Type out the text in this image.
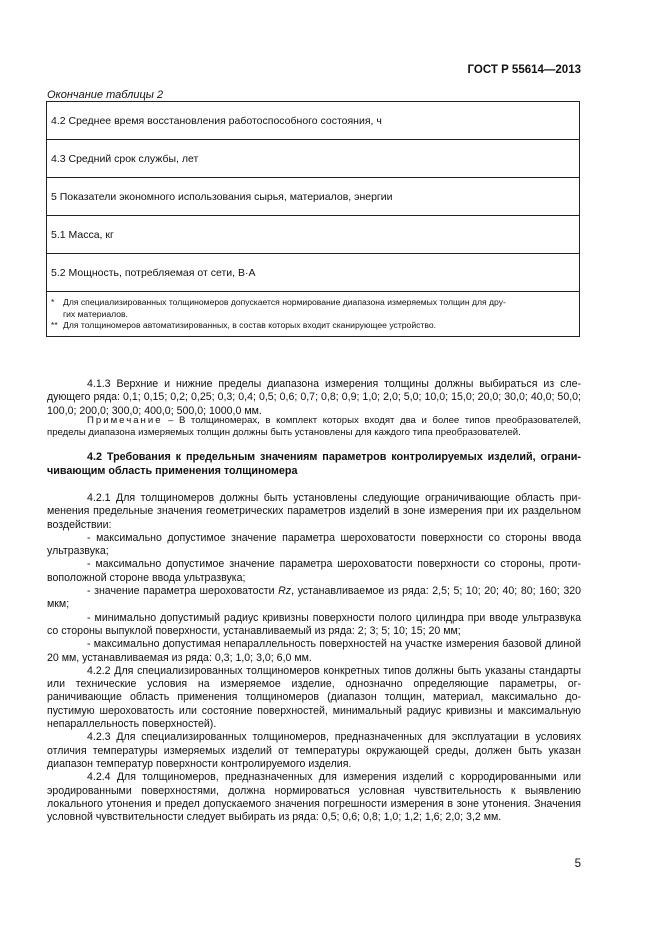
ГОСТ Р 55614—2013
Окончание таблицы 2
4.2 Среднее время восстановления работоспособного состояния, ч
4.3 Средний срок службы, лет
5 Показатели экономного использования сырья, материалов, энергии
5.1 Масса, кг
5.2 Мощность, потребляемая от сети, В·А

* Для специализированных толщиномеров допускается нормирование диапазона измеряемых толщин для дру-
гих материалов.
** Для толщиномеров автоматизированных, в состав которых входит сканирующее устройство.

4.1.3 Верхние и нижние пределы диапазона измерения толщины должны выбираться из следующего ряда: 0,1; 0,15; 0,2; 0,25; 0,3; 0,4; 0,5; 0,6; 0,7; 0,8; 0,9; 1,0; 2,0; 5,0; 10,0; 15,0; 20,0; 30,0; 40,0; 50,0; 100,0; 200,0; 300,0; 400,0; 500,0; 1000,0 мм.

Примечание – В толщиномерах, в комплект которых входят два и более типов преобразователей, пределы диапазона измеряемых толщин должны быть установлены для каждого типа преобразователей.

4.2 Требования к предельным значениям параметров контролируемых изделий, ограничивающим область применения толщиномера

4.2.1 Для толщиномеров должны быть установлены следующие ограничивающие область применения предельные значения геометрических параметров изделий в зоне измерения при их раздельном воздействии:

- максимально допустимое значение параметра шероховатости поверхности со стороны ввода ультразвука;

- максимально допустимое значение параметра шероховатости поверхности со стороны, противоположной стороне ввода ультразвука;

- значение параметра шероховатости Rz, устанавливаемое из ряда: 2,5; 5; 10; 20; 40; 80; 160; 320 мкм;

- минимально допустимый радиус кривизны поверхности полого цилиндра при вводе ультразвука со стороны выпуклой поверхности, устанавливаемый из ряда: 2; 3; 5; 10; 15; 20 мм;

- максимально допустимая непараллельность поверхностей на участке измерения базовой длиной 20 мм, устанавливаемая из ряда: 0,3; 1,0; 3,0; 6,0 мм.

4.2.2 Для специализированных толщиномеров конкретных типов должны быть указаны стандарты или технические условия на измеряемое изделие, однозначно определяющие параметры, ограничивающие область применения толщиномеров (диапазон толщин, материал, максимально допустимую шероховатость или состояние поверхностей, минимальный радиус кривизны и максимальную непараллельность поверхностей).

4.2.3 Для специализированных толщиномеров, предназначенных для эксплуатации в условиях отличия температуры измеряемых изделий от температуры окружающей среды, должен быть указан диапазон температур поверхности контролируемого изделия.

4.2.4 Для толщиномеров, предназначенных для измерения изделий с корродированными или эродированными поверхностями, должна нормироваться условная чувствительность к выявлению локального утонения и предел допускаемого значения погрешности измерения в зоне утонения. Значения условной чувствительности следует выбирать из ряда: 0,5; 0,6; 0,8; 1,0; 1,2; 1,6; 2,0; 3,2 мм.

5
